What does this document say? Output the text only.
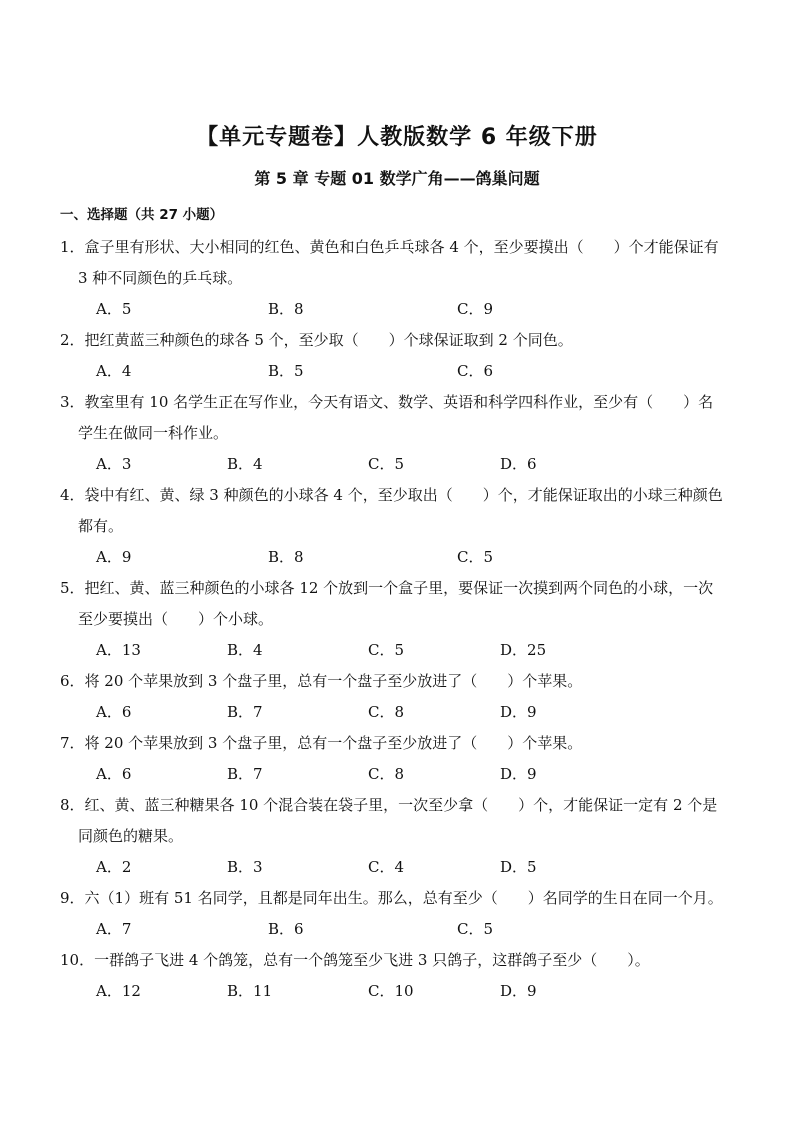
【单元专题卷】人教版数学 6 年级下册
第 5 章 专题 01 数学广角——鸽巢问题
一、选择题（共 27 小题）
1．盒子里有形状、大小相同的红色、黄色和白色乒乓球各 4 个，至少要摸出（　　）个才能保证有 3 种不同颜色的乒乓球。
A．5	B．8	C．9
2．把红黄蓝三种颜色的球各 5 个，至少取（　　）个球保证取到 2 个同色。
A．4	B．5	C．6
3．教室里有 10 名学生正在写作业，今天有语文、数学、英语和科学四科作业，至少有（　　）名学生在做同一科作业。
A．3	B．4	C．5	D．6
4．袋中有红、黄、绿 3 种颜色的小球各 4 个，至少取出（　　）个，才能保证取出的小球三种颜色都有。
A．9	B．8	C．5
5．把红、黄、蓝三种颜色的小球各 12 个放到一个盒子里，要保证一次摸到两个同色的小球，一次至少要摸出（　　）个小球。
A．13	B．4	C．5	D．25
6．将 20 个苹果放到 3 个盘子里，总有一个盘子至少放进了（　　）个苹果。
A．6	B．7	C．8	D．9
7．将 20 个苹果放到 3 个盘子里，总有一个盘子至少放进了（　　）个苹果。
A．6	B．7	C．8	D．9
8．红、黄、蓝三种糖果各 10 个混合装在袋子里，一次至少拿（　　）个，才能保证一定有 2 个是同颜色的糖果。
A．2	B．3	C．4	D．5
9．六（1）班有 51 名同学，且都是同年出生。那么，总有至少（　　）名同学的生日在同一个月。
A．7	B．6	C．5
10．一群鸽子飞进 4 个鸽笼，总有一个鸽笼至少飞进 3 只鸽子，这群鸽子至少（　　）。
A．12	B．11	C．10	D．9
